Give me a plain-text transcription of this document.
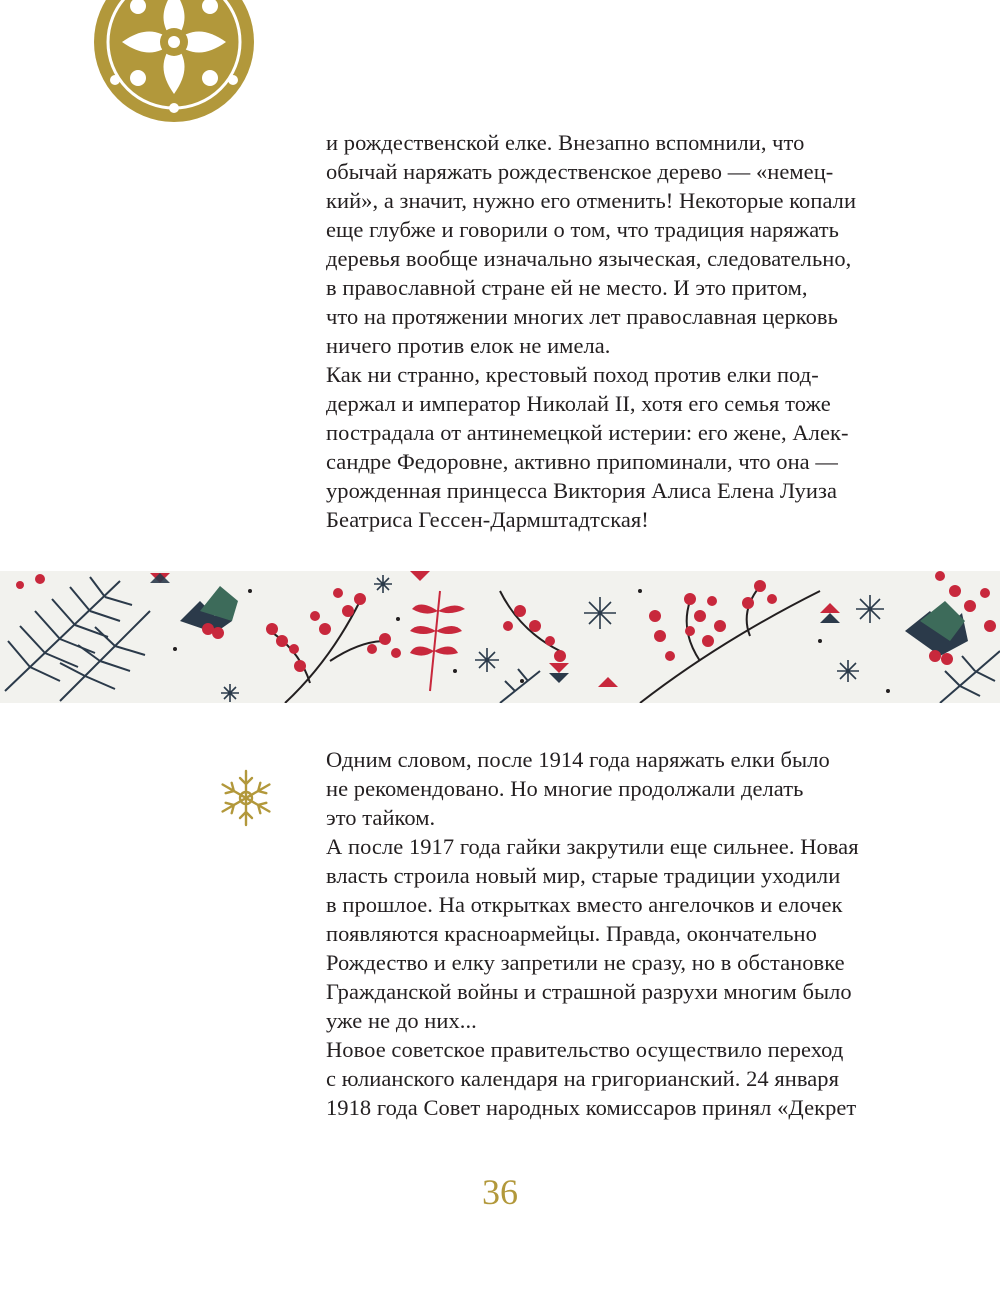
и рождественской елке. Внезапно вспомнили, что
обычай наряжать рождественское дерево — «немец-
кий», а значит, нужно его отменить! Некоторые копали
еще глубже и говорили о том, что традиция наряжать
деревья вообще изначально языческая, следовательно,
в православной стране ей не место. И это притом,
что на протяжении многих лет православная церковь
ничего против елок не имела.
Как ни странно, крестовый поход против елки под-
держал и император Николай II, хотя его семья тоже
пострадала от антинемецкой истерии: его жене, Алек-
сандре Федоровне, активно припоминали, что она —
урожденная принцесса Виктория Алиса Елена Луиза
Беатриса Гессен-Дармштадтская!
Одним словом, после 1914 года наряжать елки было
не рекомендовано. Но многие продолжали делать
это тайком.
А после 1917 года гайки закрутили еще сильнее. Новая
власть строила новый мир, старые традиции уходили
в прошлое. На открытках вместо ангелочков и елочек
появляются красноармейцы. Правда, окончательно
Рождество и елку запретили не сразу, но в обстановке
Гражданской войны и страшной разрухи многим было
уже не до них...
Новое советское правительство осуществило переход
с юлианского календаря на григорианский. 24 января
1918 года Совет народных комиссаров принял «Декрет
36
